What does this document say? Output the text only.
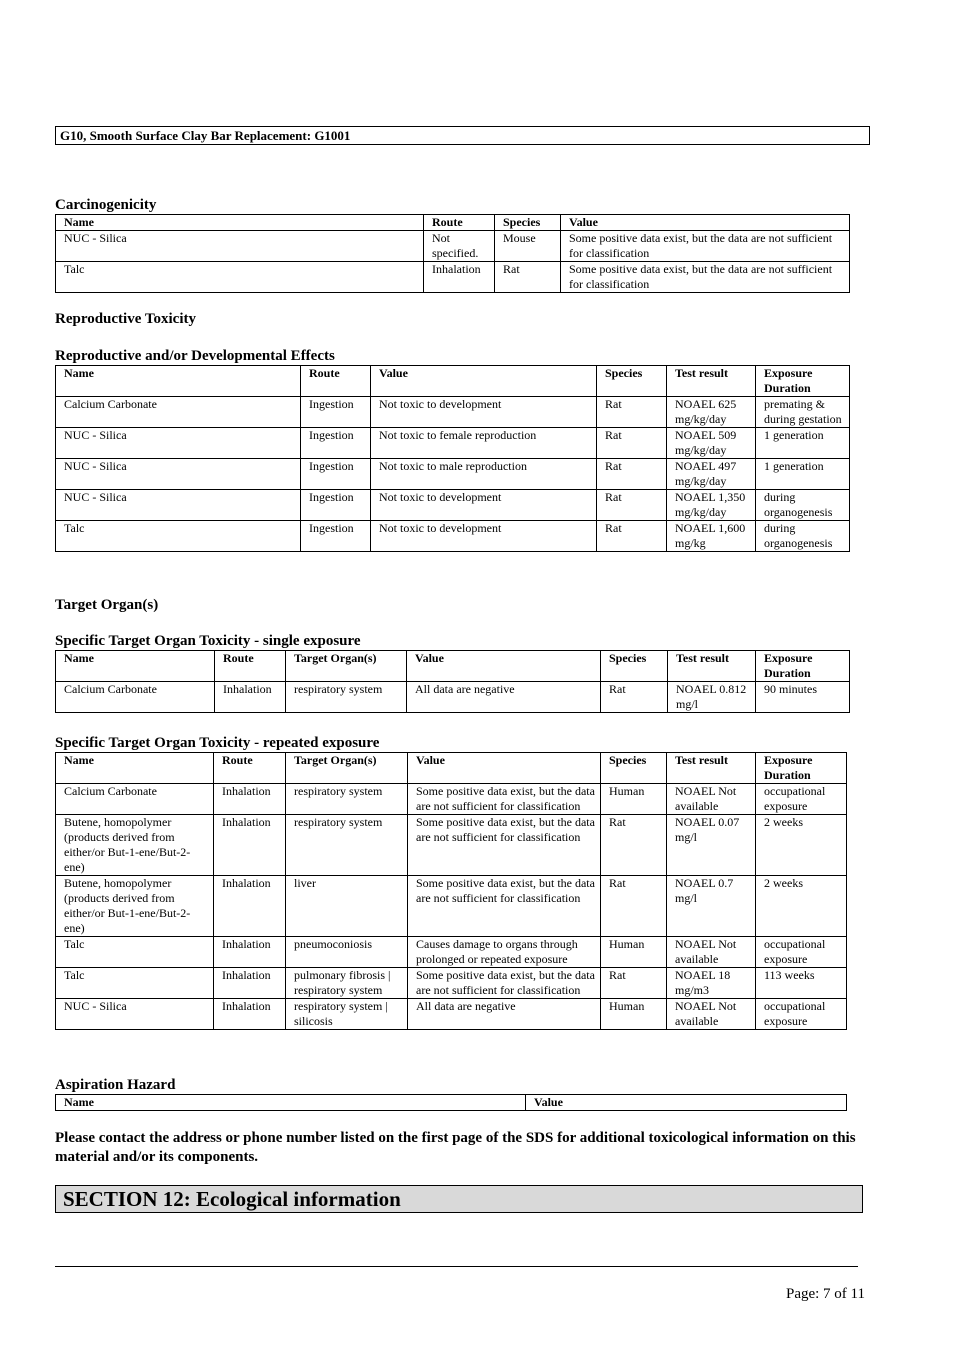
G10, Smooth Surface Clay Bar Replacement: G1001
Carcinogenicity
Name	Route	Species	Value
NUC - Silica	Not specified.	Mouse	Some positive data exist, but the data are not sufficient for classification
Talc	Inhalation	Rat	Some positive data exist, but the data are not sufficient for classification
Reproductive Toxicity
Reproductive and/or Developmental Effects
Name	Route	Value	Species	Test result	Exposure Duration
Calcium Carbonate	Ingestion	Not toxic to development	Rat	NOAEL 625 mg/kg/day	premating & during gestation
NUC - Silica	Ingestion	Not toxic to female reproduction	Rat	NOAEL 509 mg/kg/day	1 generation
NUC - Silica	Ingestion	Not toxic to male reproduction	Rat	NOAEL 497 mg/kg/day	1 generation
NUC - Silica	Ingestion	Not toxic to development	Rat	NOAEL 1,350 mg/kg/day	during organogenesis
Talc	Ingestion	Not toxic to development	Rat	NOAEL 1,600 mg/kg	during organogenesis
Target Organ(s)
Specific Target Organ Toxicity - single exposure
Name	Route	Target Organ(s)	Value	Species	Test result	Exposure Duration
Calcium Carbonate	Inhalation	respiratory system	All data are negative	Rat	NOAEL 0.812 mg/l	90 minutes
Specific Target Organ Toxicity - repeated exposure
Name	Route	Target Organ(s)	Value	Species	Test result	Exposure Duration
Calcium Carbonate	Inhalation	respiratory system	Some positive data exist, but the data are not sufficient for classification	Human	NOAEL Not available	occupational exposure
Butene, homopolymer (products derived from either/or But-1-ene/But-2-ene)	Inhalation	respiratory system	Some positive data exist, but the data are not sufficient for classification	Rat	NOAEL 0.07 mg/l	2 weeks
Butene, homopolymer (products derived from either/or But-1-ene/But-2-ene)	Inhalation	liver	Some positive data exist, but the data are not sufficient for classification	Rat	NOAEL 0.7 mg/l	2 weeks
Talc	Inhalation	pneumoconiosis	Causes damage to organs through prolonged or repeated exposure	Human	NOAEL Not available	occupational exposure
Talc	Inhalation	pulmonary fibrosis | respiratory system	Some positive data exist, but the data are not sufficient for classification	Rat	NOAEL 18 mg/m3	113 weeks
NUC - Silica	Inhalation	respiratory system | silicosis	All data are negative	Human	NOAEL Not available	occupational exposure
Aspiration Hazard
Name	Value
Please contact the address or phone number listed on the first page of the SDS for additional toxicological information on this material and/or its components.
SECTION 12: Ecological information
Page: 7 of 11
